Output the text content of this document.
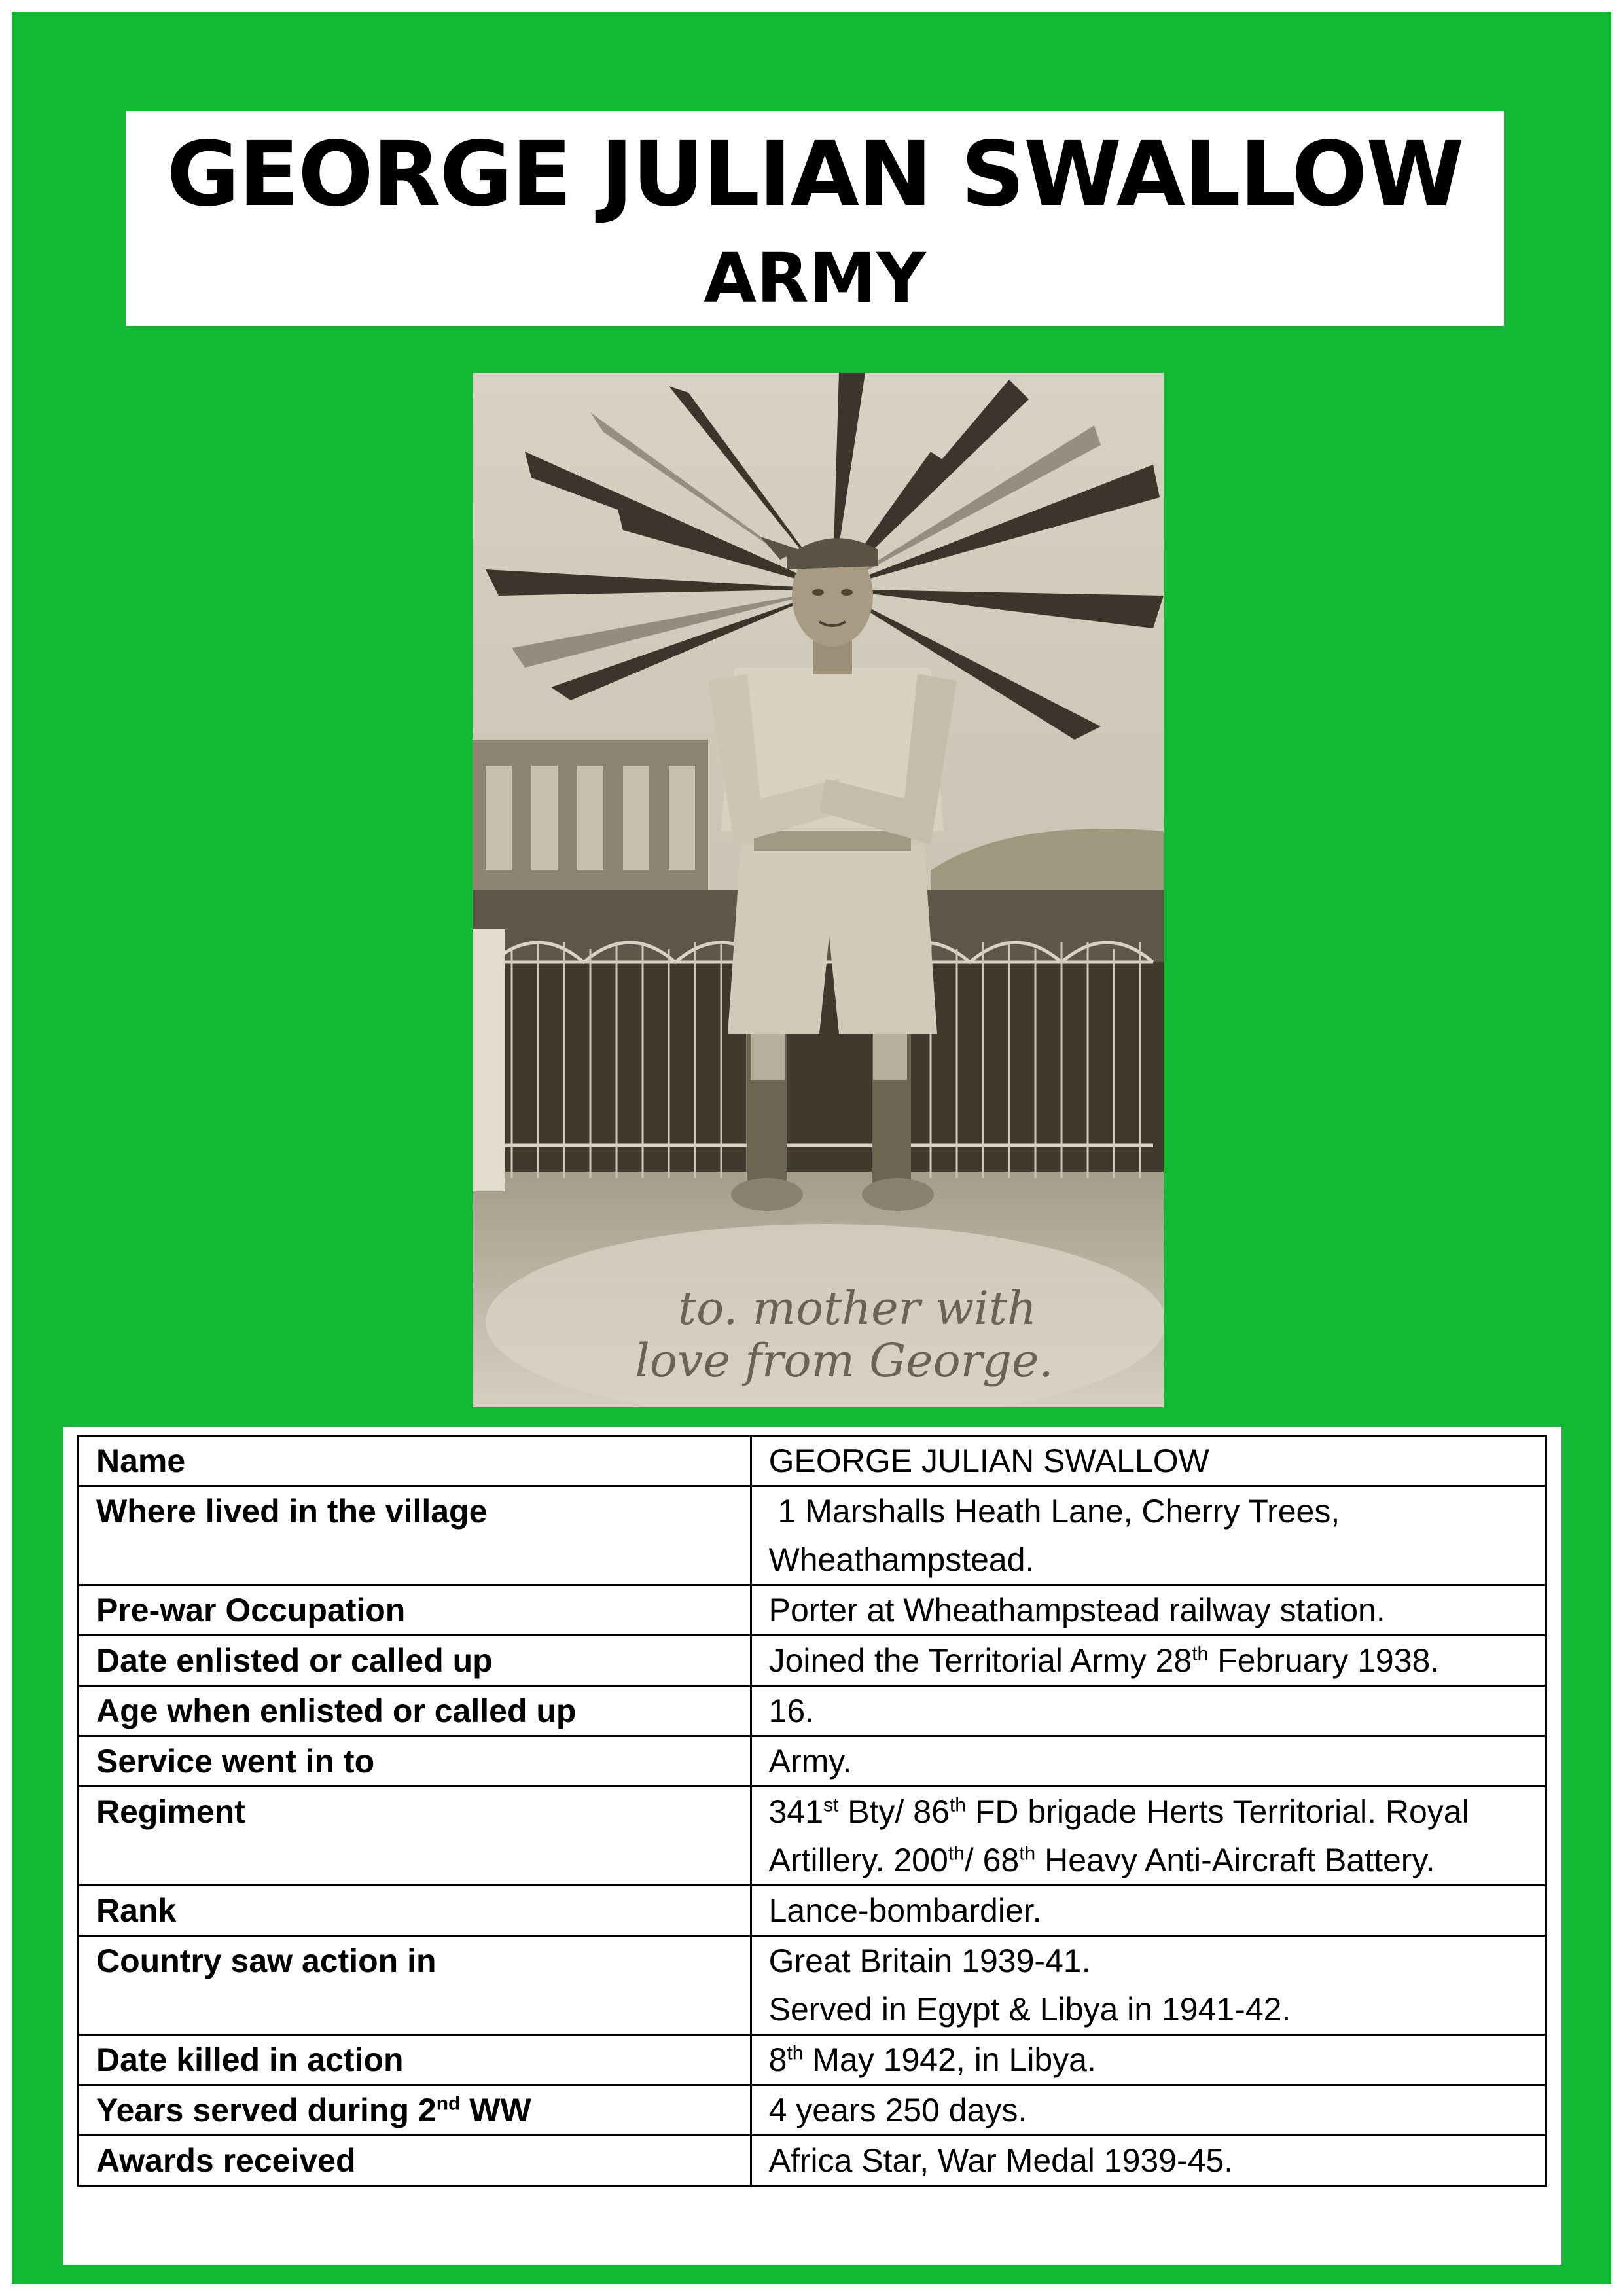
GEORGE JULIAN SWALLOW
ARMY
to. mother with
love from George.
Name	GEORGE JULIAN SWALLOW
Where lived in the village	1 Marshalls Heath Lane, Cherry Trees, Wheathampstead.
Pre-war Occupation	Porter at Wheathampstead railway station.
Date enlisted or called up	Joined the Territorial Army 28th February 1938.
Age when enlisted or called up	16.
Service went in to	Army.
Regiment	341st Bty/ 86th FD brigade Herts Territorial. Royal Artillery. 200th/ 68th Heavy Anti-Aircraft Battery.
Rank	Lance-bombardier.
Country saw action in	Great Britain 1939-41.
Served in Egypt & Libya in 1941-42.
Date killed in action	8th May 1942, in Libya.
Years served during 2nd WW	4 years 250 days.
Awards received	Africa Star, War Medal 1939-45.
